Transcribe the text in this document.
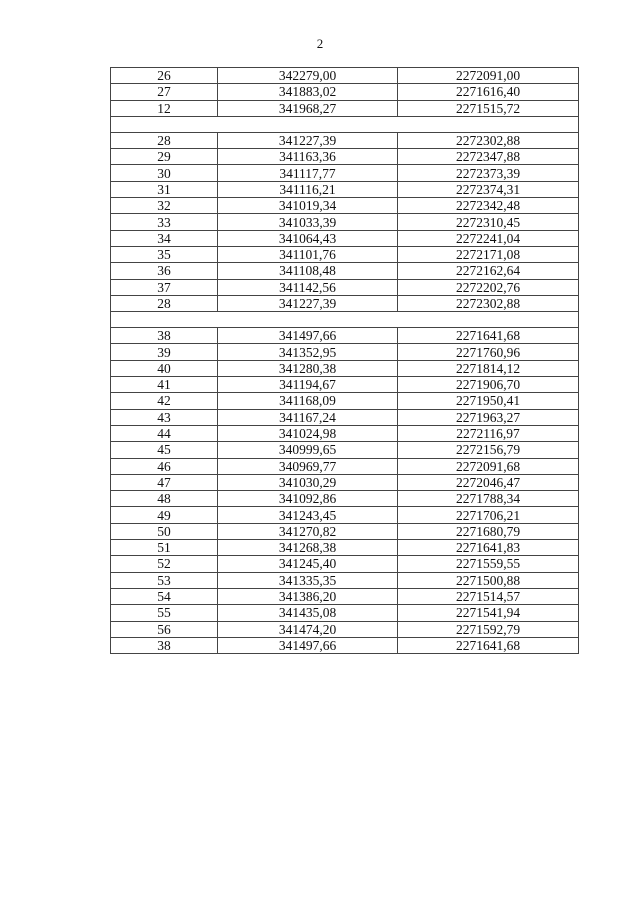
2
26	342279,00	2272091,00
27	341883,02	2271616,40
12	341968,27	2271515,72

28	341227,39	2272302,88
29	341163,36	2272347,88
30	341117,77	2272373,39
31	341116,21	2272374,31
32	341019,34	2272342,48
33	341033,39	2272310,45
34	341064,43	2272241,04
35	341101,76	2272171,08
36	341108,48	2272162,64
37	341142,56	2272202,76
28	341227,39	2272302,88

38	341497,66	2271641,68
39	341352,95	2271760,96
40	341280,38	2271814,12
41	341194,67	2271906,70
42	341168,09	2271950,41
43	341167,24	2271963,27
44	341024,98	2272116,97
45	340999,65	2272156,79
46	340969,77	2272091,68
47	341030,29	2272046,47
48	341092,86	2271788,34
49	341243,45	2271706,21
50	341270,82	2271680,79
51	341268,38	2271641,83
52	341245,40	2271559,55
53	341335,35	2271500,88
54	341386,20	2271514,57
55	341435,08	2271541,94
56	341474,20	2271592,79
38	341497,66	2271641,68
